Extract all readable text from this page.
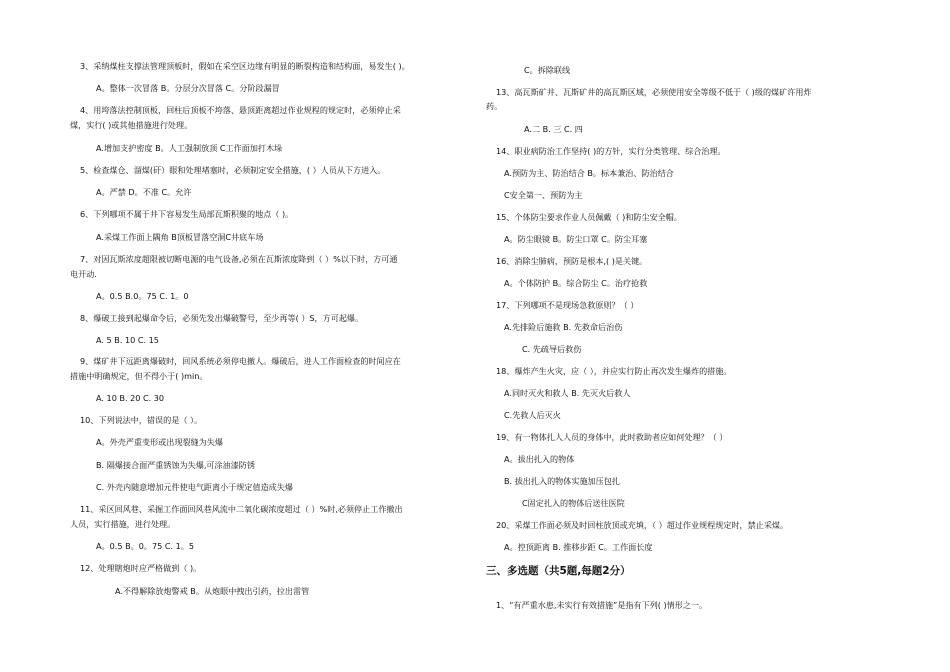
3、采纳煤柱支撑法管理顶板时，假如在采空区边缘有明显的断裂构造和结构面，易发生( )。
A。整体一次冒落 B。分层分次冒落 C。分阶段漏冒
4、用垮落法控制顶板，回柱后顶板不垮落、悬顶距离超过作业规程的规定时，必须停止采
煤，实行( )或其他措施进行处理。
A.增加支护密度 B。人工强制放顶 C工作面加打木垛
5、检查煤仓、溜煤(矸）眼和处理堵塞时，必须制定安全措施，( ）人员从下方进入。
A。严禁 D。不准 C。允许
6、下列哪项不属于井下容易发生局部瓦斯积聚的地点（ )。
A.采煤工作面上隅角 B顶板冒落空洞C井底车场
7、对因瓦斯浓度超限被切断电源的电气设备,必须在瓦斯浓度降到（ ）%以下时，方可通
电开动.
A。0.5 B.0。75 C. 1。0
8、爆破工接到起爆命令后，必须先发出爆破警号，至少再等( ）S，方可起爆。
A. 5 B. 10 C. 15
9、煤矿井下远距离爆破时，回风系统必须停电撤人。爆破后，进人工作面检查的时间应在
措施中明确规定，但不得小于( )min。
A. 10 B. 20 C. 30
10、下列说法中，错误的是（ ）。
A。外壳严重变形或出现裂缝为失爆
B. 隔爆接合面严重锈蚀为失爆,可涂油漆防锈
C. 外壳内随意增加元件使电气距离小于规定值造成失爆
11、采区回风巷、采掘工作面回风巷风流中二氧化碳浓度超过（ ）%时,必须停止工作撤出
人员，实行措施，进行处理。
A。0.5 B。0。75 C. 1。5
12、处理瞎炮时应严格做到（ )。
A.不得解除放炮警戒 B。从炮眼中拽出引药，拉出雷管
C。拆除联线
13、高瓦斯矿井、瓦斯矿井的高瓦斯区域，必须使用安全等级不低于（ )级的煤矿许用炸
药。
A.二 B. 三 C. 四
14、职业病防治工作坚持( )的方针，实行分类管理、综合治理。
A.预防为主、防治结合 B。标本兼治、防治结合
C安全第一、预防为主
15、个体防尘要求作业人员佩戴（ )和防尘安全帽。
A。防尘眼镜 B。防尘口罩 C。防尘耳塞
16、消除尘肺病，预防是根本,( )是关键。
A。个体防护 B。综合防尘 C。治疗抢救
17、下列哪项不是现场急救原则？（ ）
A.先排险后施救 B. 先救命后治伤
C. 先疏导后救伤
18、爆炸产生火灾，应（ ），并应实行防止再次发生爆炸的措施。
A.同时灭火和救人 B. 先灭火后救人
C.先救人后灭火
19、有一物体扎人人员的身体中，此时救助者应如何处理？（ ）
A。拔出扎入的物体
B. 拔出扎入的物体实施加压包扎
C固定扎入的物体后送往医院
20、采煤工作面必须及时回柱放顶或充填，（ ）超过作业规程规定时，禁止采煤。
A。控顶距离 B. 推移步距 C。工作面长度
1、“有严重水患,未实行有效措施”是指有下列( )情形之一。
三、多选题（共5题,每题2分）
